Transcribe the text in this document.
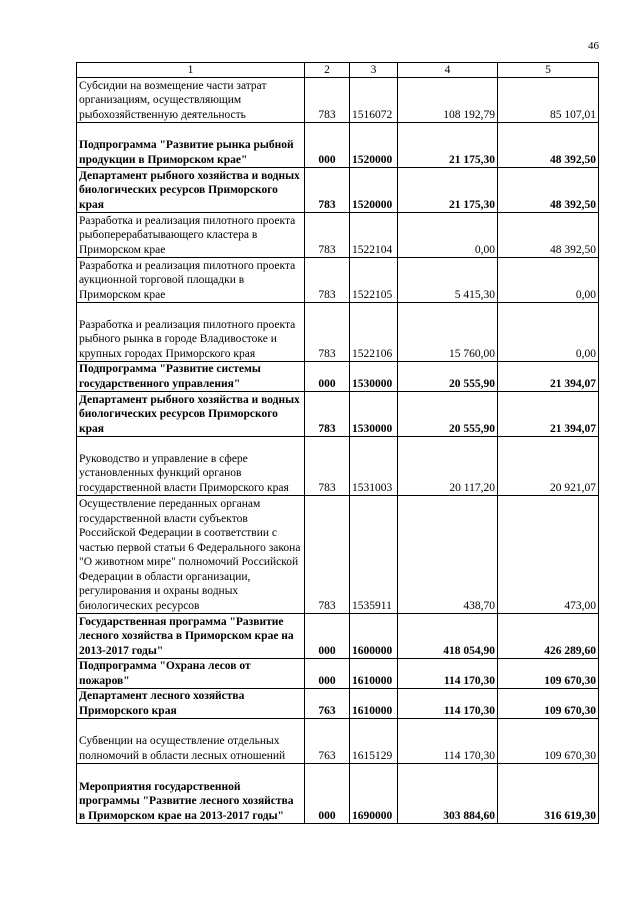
46
1	2	3	4	5
Субсидии на возмещение части затрат организациям, осуществляющим рыбохозяйственную деятельность	783	1516072	108 192,79	85 107,01
Подпрограмма "Развитие рынка рыбной продукции в Приморском крае"	000	1520000	21 175,30	48 392,50
Департамент рыбного хозяйства и водных биологических ресурсов Приморского края	783	1520000	21 175,30	48 392,50
Разработка и реализация пилотного проекта рыбоперерабатывающего кластера в Приморском крае	783	1522104	0,00	48 392,50
Разработка и реализация пилотного проекта аукционной торговой площадки в Приморском крае	783	1522105	5 415,30	0,00
Разработка и реализация пилотного проекта рыбного рынка в городе Владивостоке и крупных городах Приморского края	783	1522106	15 760,00	0,00
Подпрограмма "Развитие системы государственного управления"	000	1530000	20 555,90	21 394,07
Департамент рыбного хозяйства и водных биологических ресурсов Приморского края	783	1530000	20 555,90	21 394,07
Руководство и управление в сфере установленных функций органов государственной власти Приморского края	783	1531003	20 117,20	20 921,07
Осуществление переданных органам государственной власти субъектов Российской Федерации в соответствии с частью первой статьи 6 Федерального закона "О животном мире" полномочий Российской Федерации в области организации, регулирования и охраны водных биологических ресурсов	783	1535911	438,70	473,00
Государственная программа "Развитие лесного хозяйства в Приморском крае на 2013-2017 годы"	000	1600000	418 054,90	426 289,60
Подпрограмма "Охрана лесов от пожаров"	000	1610000	114 170,30	109 670,30
Департамент лесного хозяйства Приморского края	763	1610000	114 170,30	109 670,30
Субвенции на осуществление отдельных полномочий в области лесных отношений	763	1615129	114 170,30	109 670,30
Мероприятия государственной программы "Развитие лесного хозяйства в Приморском крае на 2013-2017 годы"	000	1690000	303 884,60	316 619,30
